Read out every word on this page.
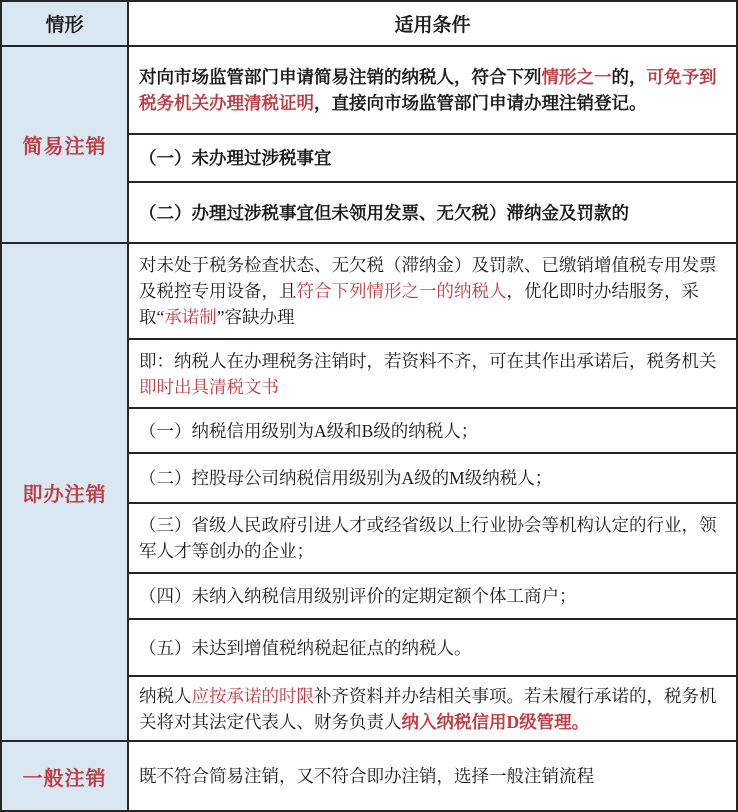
情形	适用条件
简易注销

对向市场监管部门申请简易注销的纳税人，符合下列情形之一的，可免予到税务机关办理清税证明，直接向市场监管部门申请办理注销登记。

（一）未办理过涉税事宜

（二）办理过涉税事宜但未领用发票、无欠税）滞纳金及罚款的

即办注销

对未处于税务检查状态、无欠税（滞纳金）及罚款、已缴销增值税专用发票及税控专用设备，且符合下列情形之一的纳税人，优化即时办结服务，采取“承诺制”容缺办理

即：纳税人在办理税务注销时，若资料不齐，可在其作出承诺后，税务机关即时出具清税文书

（一）纳税信用级别为A级和B级的纳税人；

（二）控股母公司纳税信用级别为A级的M级纳税人；

（三）省级人民政府引进人才或经省级以上行业协会等机构认定的行业，领军人才等创办的企业；

（四）未纳入纳税信用级别评价的定期定额个体工商户；

（五）未达到增值税纳税起征点的纳税人。

纳税人应按承诺的时限补齐资料并办结相关事项。若未履行承诺的，税务机关将对其法定代表人、财务负责人纳入纳税信用D级管理。

一般注销 既不符合简易注销，又不符合即办注销，选择一般注销流程
